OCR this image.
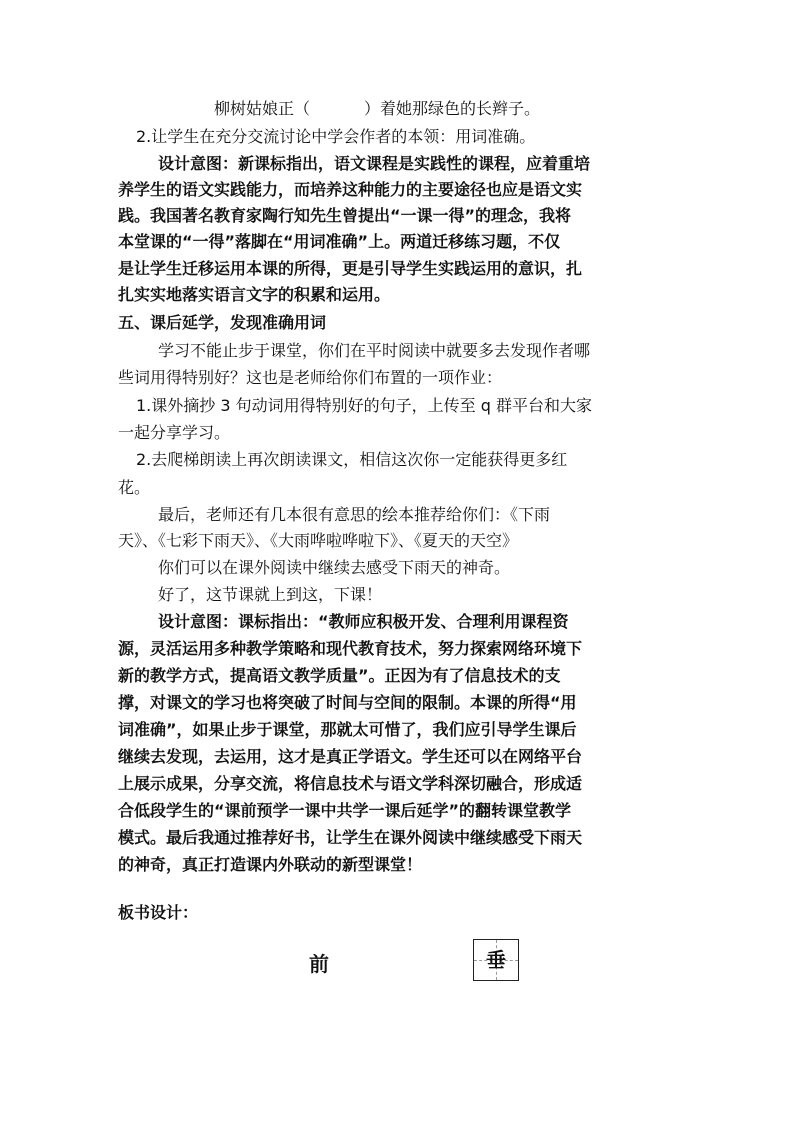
柳树姑娘正（	）着她那绿色的长辫子。
2.让学生在充分交流讨论中学会作者的本领：用词准确。
设计意图：新课标指出，语文课程是实践性的课程，应着重培
养学生的语文实践能力，而培养这种能力的主要途径也应是语文实
践。我国著名教育家陶行知先生曾提出“一课一得”的理念，我将
本堂课的“一得”落脚在“用词准确”上。两道迁移练习题，不仅
是让学生迁移运用本课的所得，更是引导学生实践运用的意识，扎
扎实实地落实语言文字的积累和运用。
五、课后延学，发现准确用词
学习不能止步于课堂，你们在平时阅读中就要多去发现作者哪
些词用得特别好？这也是老师给你们布置的一项作业：
1.课外摘抄 3 句动词用得特别好的句子，上传至 q 群平台和大家
一起分享学习。
2.去爬梯朗读上再次朗读课文，相信这次你一定能获得更多红
花。
最后，老师还有几本很有意思的绘本推荐给你们：《下雨
天》、《七彩下雨天》、《大雨哗啦哗啦下》、《夏天的天空》
你们可以在课外阅读中继续去感受下雨天的神奇。
好了，这节课就上到这，下课！
设计意图：课标指出：“教师应积极开发、合理利用课程资
源，灵活运用多种教学策略和现代教育技术，努力探索网络环境下
新的教学方式，提高语文教学质量”。正因为有了信息技术的支
撑，对课文的学习也将突破了时间与空间的限制。本课的所得“用
词准确”，如果止步于课堂，那就太可惜了，我们应引导学生课后
继续去发现，去运用，这才是真正学语文。学生还可以在网络平台
上展示成果，分享交流，将信息技术与语文学科深切融合，形成适
合低段学生的“课前预学一课中共学一课后延学”的翻转课堂教学
模式。最后我通过推荐好书，让学生在课外阅读中继续感受下雨天
的神奇，真正打造课内外联动的新型课堂！
板书设计：
前	垂
